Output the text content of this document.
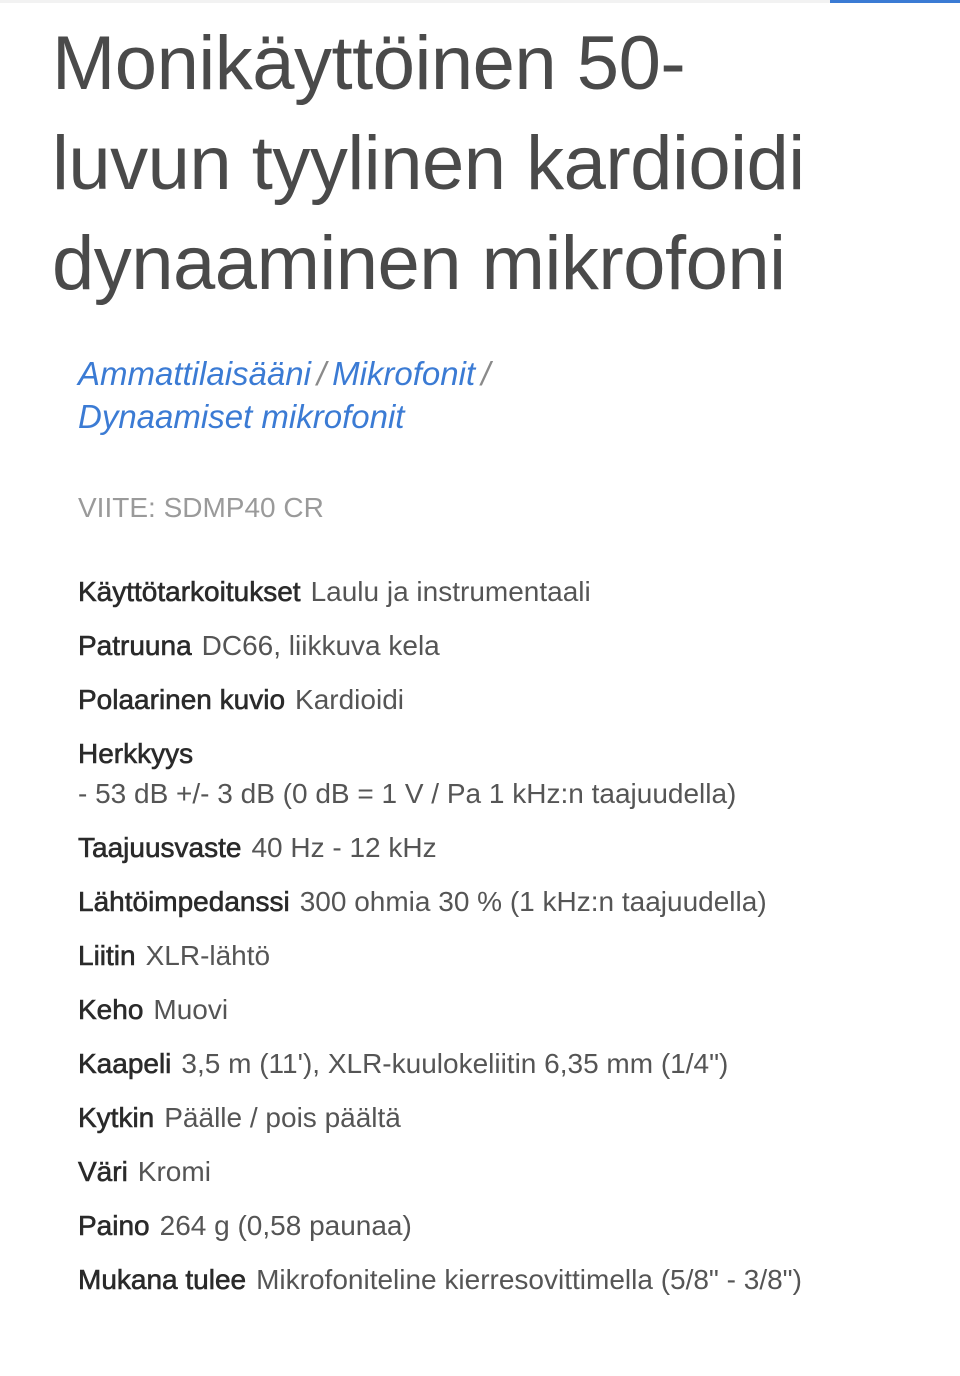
Monikäyttöinen 50-
luvun tyylinen kardioidi
dynaaminen mikrofoni
Ammattilaisääni / Mikrofonit /
Dynaamiset mikrofonit
VIITE: SDMP40 CR
Käyttötarkoitukset Laulu ja instrumentaali
Patruuna DC66, liikkuva kela
Polaarinen kuvio Kardioidi
Herkkyys
- 53 dB +/- 3 dB (0 dB = 1 V / Pa 1 kHz:n taajuudella)
Taajuusvaste 40 Hz - 12 kHz
Lähtöimpedanssi 300 ohmia 30 % (1 kHz:n taajuudella)
Liitin XLR-lähtö
Keho Muovi
Kaapeli 3,5 m (11'), XLR-kuulokeliitin 6,35 mm (1/4")
Kytkin Päälle / pois päältä
Väri Kromi
Paino 264 g (0,58 paunaa)
Mukana tulee Mikrofoniteline kierresovittimella (5/8" - 3/8")
